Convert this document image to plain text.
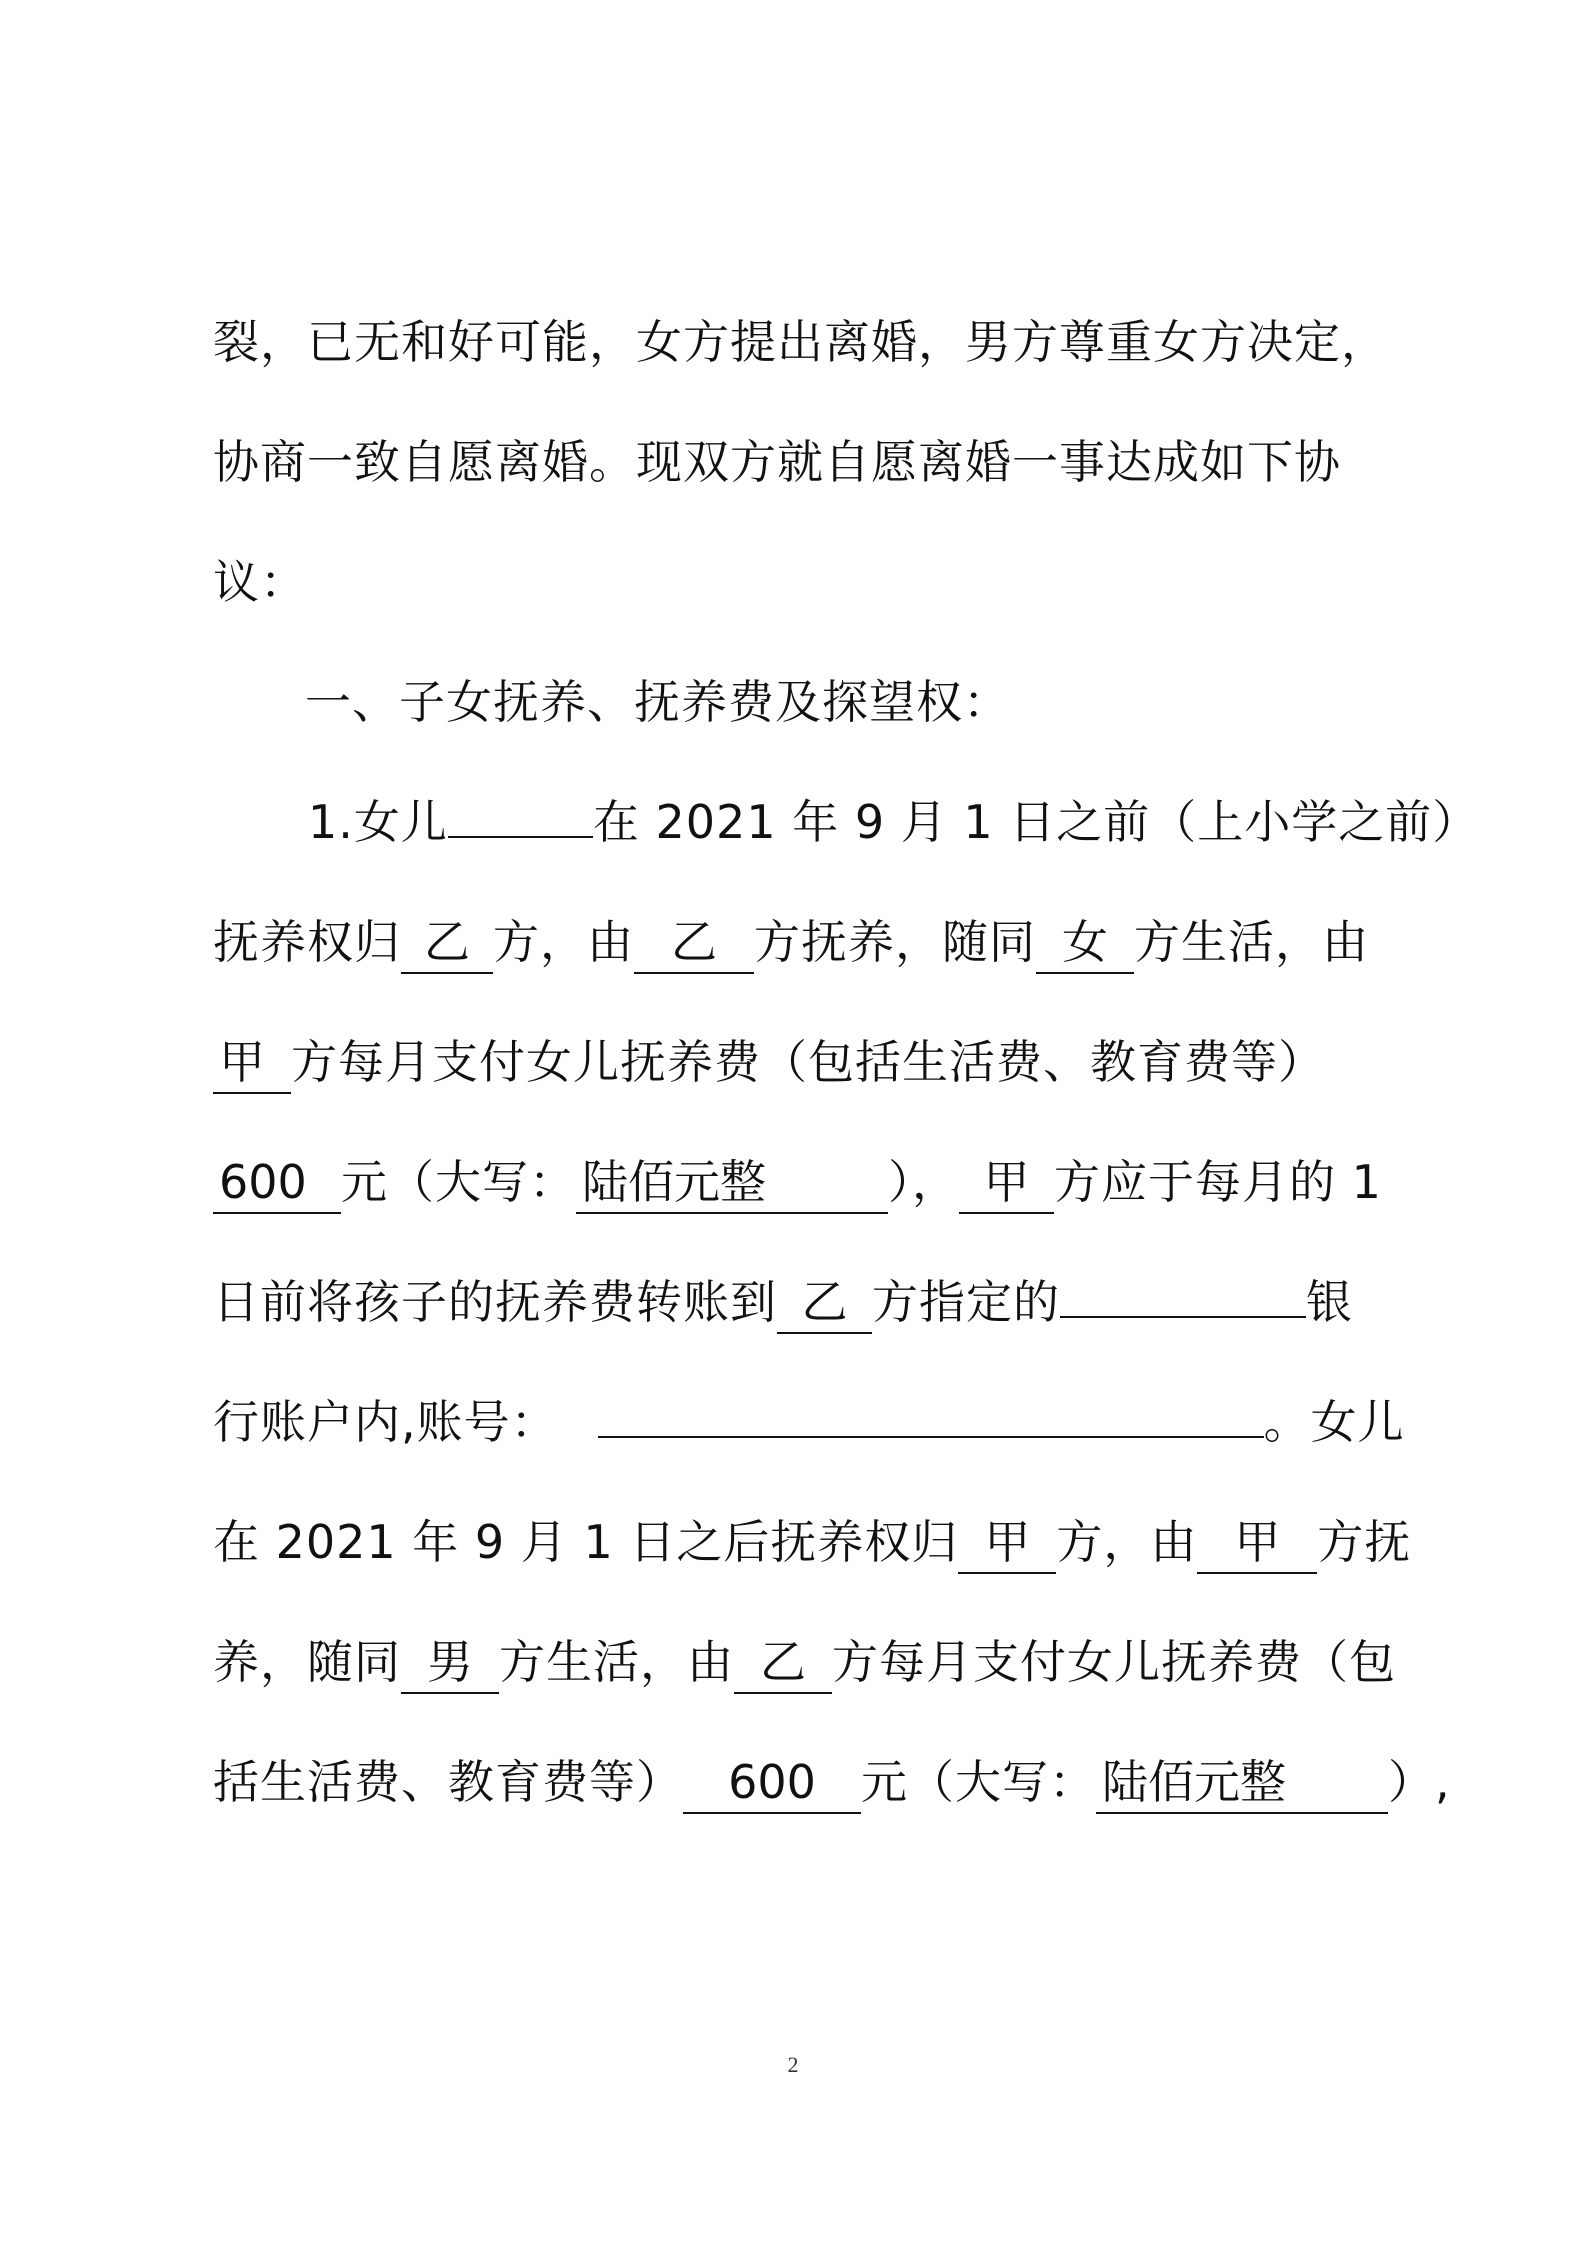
裂，已无和好可能，女方提出离婚，男方尊重女方决定，
协商一致自愿离婚。现双方就自愿离婚一事达成如下协
议：
一、子女抚养、抚养费及探望权：
1.女儿	在 2021 年 9 月 1 日之前（上小学之前）
抚养权归 乙 方，由 乙 方抚养，随同 女 方生活，由
甲 方每月支付女儿抚养费（包括生活费、教育费等）
600 元（大写： 陆佰元整	）， 甲 方应于每月的 1
日前将孩子的抚养费转账到 乙 方指定的	银
行账户内,账号：	。女儿
在 2021 年 9 月 1 日之后抚养权归 甲 方，由 甲 方抚
养，随同 男 方生活，由 乙 方每月支付女儿抚养费（包
括生活费、教育费等） 600 元（大写： 陆佰元整 ）,
2
